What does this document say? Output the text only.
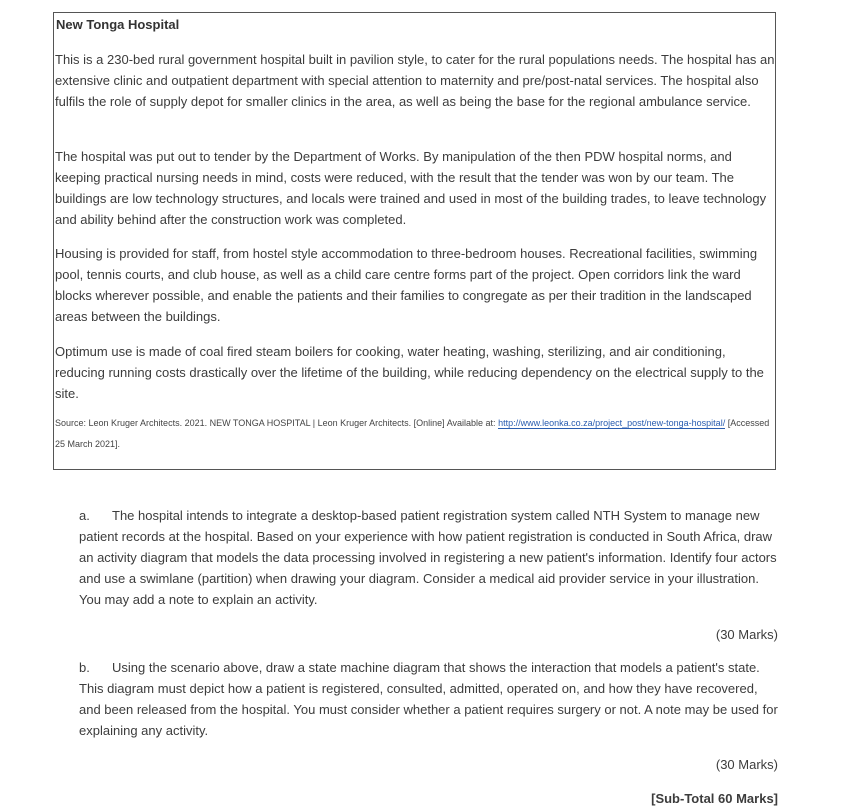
New Tonga Hospital

This is a 230-bed rural government hospital built in pavilion style, to cater for the rural populations needs. The hospital has an extensive clinic and outpatient department with special attention to maternity and pre/post-natal services. The hospital also fulfils the role of supply depot for smaller clinics in the area, as well as being the base for the regional ambulance service.

The hospital was put out to tender by the Department of Works. By manipulation of the then PDW hospital norms, and keeping practical nursing needs in mind, costs were reduced, with the result that the tender was won by our team. The buildings are low technology structures, and locals were trained and used in most of the building trades, to leave technology and ability behind after the construction work was completed.

Housing is provided for staff, from hostel style accommodation to three-bedroom houses. Recreational facilities, swimming pool, tennis courts, and club house, as well as a child care centre forms part of the project. Open corridors link the ward blocks wherever possible, and enable the patients and their families to congregate as per their tradition in the landscaped areas between the buildings.

Optimum use is made of coal fired steam boilers for cooking, water heating, washing, sterilizing, and air conditioning, reducing running costs drastically over the lifetime of the building, while reducing dependency on the electrical supply to the site.

Source: Leon Kruger Architects. 2021. NEW TONGA HOSPITAL | Leon Kruger Architects. [Online] Available at: http://www.leonka.co.za/project_post/new-tonga-hospital/ [Accessed 25 March 2021].

a. The hospital intends to integrate a desktop-based patient registration system called NTH System to manage new patient records at the hospital. Based on your experience with how patient registration is conducted in South Africa, draw an activity diagram that models the data processing involved in registering a new patient's information. Identify four actors and use a swimlane (partition) when drawing your diagram. Consider a medical aid provider service in your illustration. You may add a note to explain an activity.

(30 Marks)

b. Using the scenario above, draw a state machine diagram that shows the interaction that models a patient's state. This diagram must depict how a patient is registered, consulted, admitted, operated on, and how they have recovered, and been released from the hospital. You must consider whether a patient requires surgery or not. A note may be used for explaining any activity.

(30 Marks)

[Sub-Total 60 Marks]
